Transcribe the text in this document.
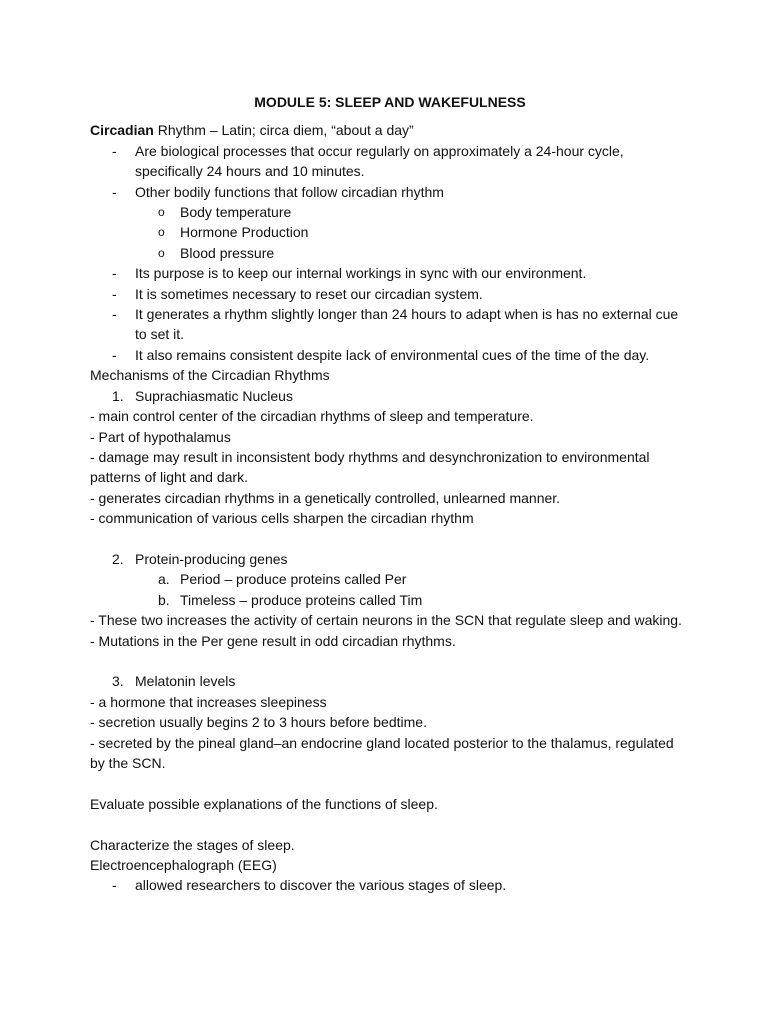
MODULE 5: SLEEP AND WAKEFULNESS

Circadian Rhythm – Latin; circa diem, “about a day”

- Are biological processes that occur regularly on approximately a 24-hour cycle, specifically 24 hours and 10 minutes.
- Other bodily functions that follow circadian rhythm
o Body temperature
o Hormone Production
o Blood pressure
- Its purpose is to keep our internal workings in sync with our environment.
- It is sometimes necessary to reset our circadian system.
- It generates a rhythm slightly longer than 24 hours to adapt when is has no external cue to set it.
- It also remains consistent despite lack of environmental cues of the time of the day.

Mechanisms of the Circadian Rhythms

1. Suprachiasmatic Nucleus

- main control center of the circadian rhythms of sleep and temperature.

- Part of hypothalamus

- damage may result in inconsistent body rhythms and desynchronization to environmental patterns of light and dark.

- generates circadian rhythms in a genetically controlled, unlearned manner.

- communication of various cells sharpen the circadian rhythm

2. Protein-producing genes
a. Period – produce proteins called Per
b. Timeless – produce proteins called Tim

- These two increases the activity of certain neurons in the SCN that regulate sleep and waking.

- Mutations in the Per gene result in odd circadian rhythms.

3. Melatonin levels

- a hormone that increases sleepiness

- secretion usually begins 2 to 3 hours before bedtime.

- secreted by the pineal gland–an endocrine gland located posterior to the thalamus, regulated by the SCN.

Evaluate possible explanations of the functions of sleep.

Characterize the stages of sleep.

Electroencephalograph (EEG)

- allowed researchers to discover the various stages of sleep.
